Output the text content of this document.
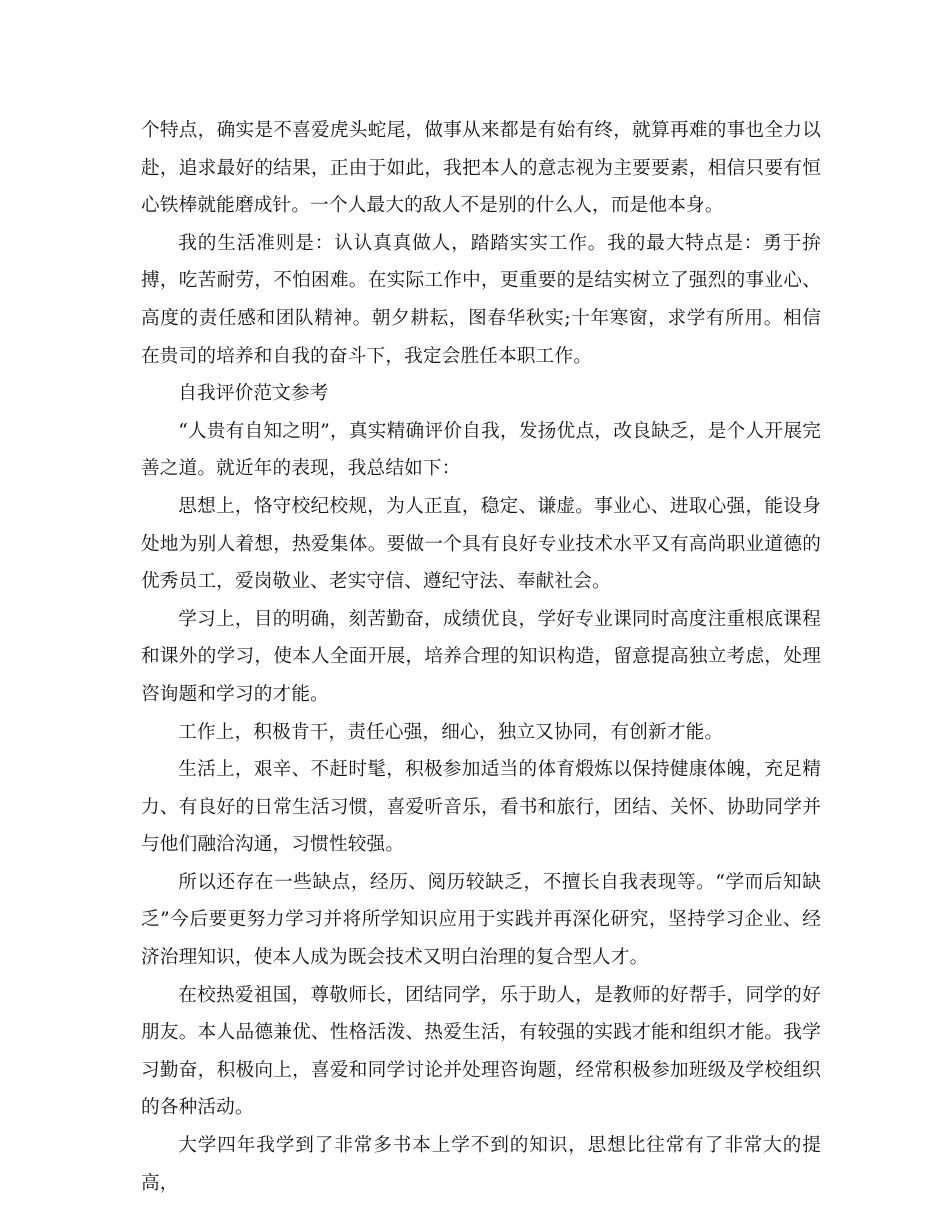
个特点，确实是不喜爱虎头蛇尾，做事从来都是有始有终，就算再难的事也全力以赴，追求最好的结果，正由于如此，我把本人的意志视为主要要素，相信只要有恒心铁棒就能磨成针。一个人最大的敌人不是别的什么人，而是他本身。

我的生活准则是：认认真真做人，踏踏实实工作。我的最大特点是：勇于拚搏，吃苦耐劳，不怕困难。在实际工作中，更重要的是结实树立了强烈的事业心、高度的责任感和团队精神。朝夕耕耘，图春华秋实;十年寒窗，求学有所用。相信在贵司的培养和自我的奋斗下，我定会胜任本职工作。

自我评价范文参考

“人贵有自知之明”，真实精确评价自我，发扬优点，改良缺乏，是个人开展完善之道。就近年的表现，我总结如下：

思想上，恪守校纪校规，为人正直，稳定、谦虚。事业心、进取心强，能设身处地为别人着想，热爱集体。要做一个具有良好专业技术水平又有高尚职业道德的优秀员工，爱岗敬业、老实守信、遵纪守法、奉献社会。

学习上，目的明确，刻苦勤奋，成绩优良，学好专业课同时高度注重根底课程和课外的学习，使本人全面开展，培养合理的知识构造，留意提高独立考虑，处理咨询题和学习的才能。

工作上，积极肯干，责任心强，细心，独立又协同，有创新才能。

生活上，艰辛、不赶时髦，积极参加适当的体育煅炼以保持健康体魄，充足精力、有良好的日常生活习惯，喜爱听音乐，看书和旅行，团结、关怀、协助同学并与他们融洽沟通，习惯性较强。

所以还存在一些缺点，经历、阅历较缺乏，不擅长自我表现等。“学而后知缺乏”今后要更努力学习并将所学知识应用于实践并再深化研究，坚持学习企业、经济治理知识，使本人成为既会技术又明白治理的复合型人才。

在校热爱祖国，尊敬师长，团结同学，乐于助人，是教师的好帮手，同学的好朋友。本人品德兼优、性格活泼、热爱生活，有较强的实践才能和组织才能。我学习勤奋，积极向上，喜爱和同学讨论并处理咨询题，经常积极参加班级及学校组织的各种活动。

大学四年我学到了非常多书本上学不到的知识，思想比往常有了非常大的提高，
